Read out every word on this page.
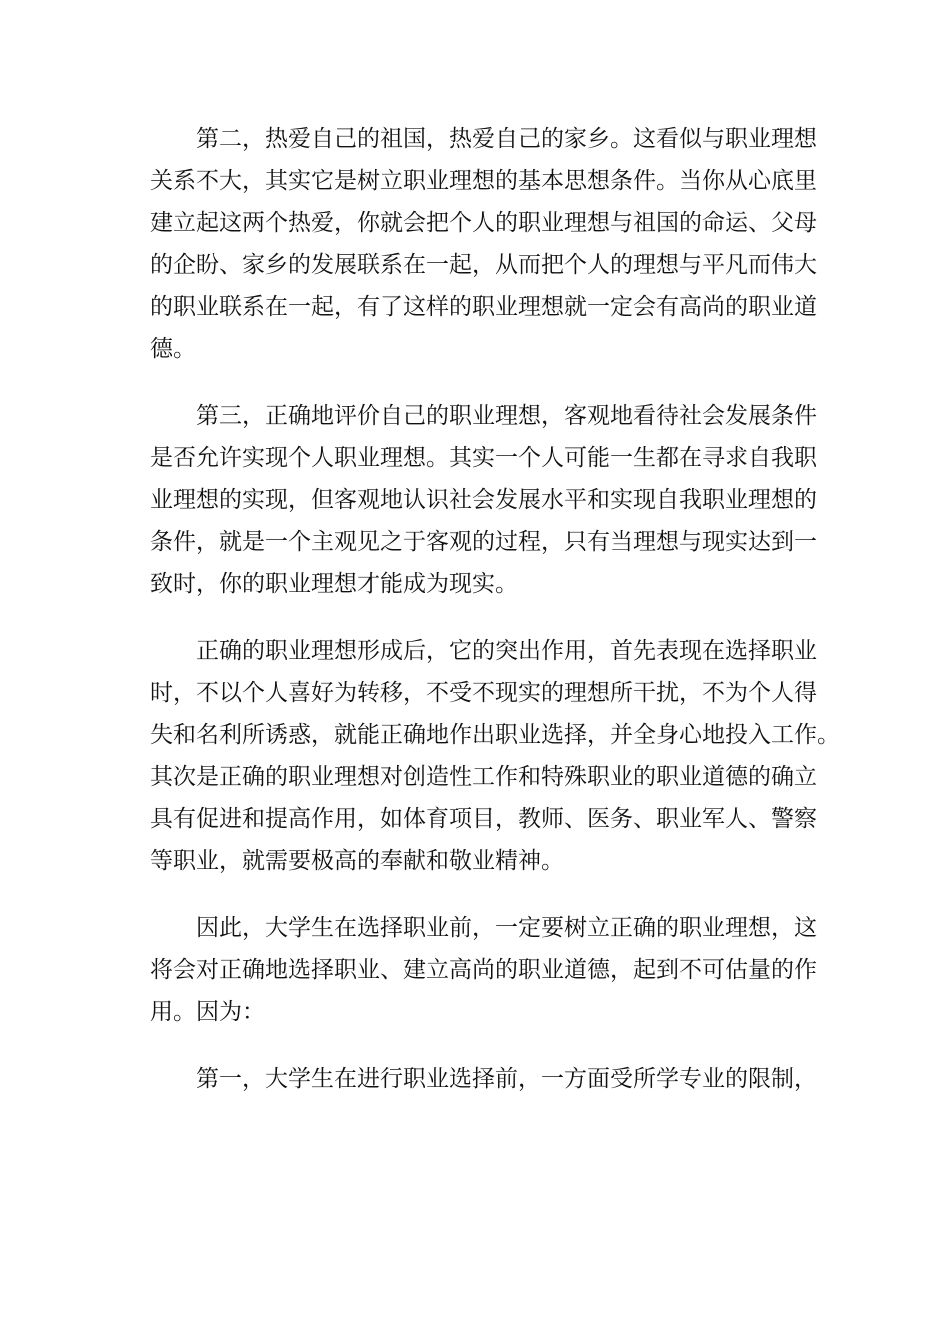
第 二 ， 热 爱 自 己 的 祖 国 ， 热 爱 自 己 的 家 乡 。 这 看 似 与 职 业 理 想
关 系 不 大 ， 其 实 它 是 树 立 职 业 理 想 的 基 本 思 想 条 件 。 当 你 从 心 底 里
建 立 起 这 两 个 热 爱 ， 你 就 会 把 个 人 的 职 业 理 想 与 祖 国 的 命 运 、 父 母
的 企 盼 、 家 乡 的 发 展 联 系 在 一 起 ， 从 而 把 个 人 的 理 想 与 平 凡 而 伟 大
的 职 业 联 系 在 一 起 ， 有 了 这 样 的 职 业 理 想 就 一 定 会 有 高 尚 的 职 业 道
德。
第 三 ， 正 确 地 评 价 自 己 的 职 业 理 想 ， 客 观 地 看 待 社 会 发 展 条 件
是 否 允 许 实 现 个 人 职 业 理 想 。 其 实 一 个 人 可 能 一 生 都 在 寻 求 自 我 职
业 理 想 的 实 现 ， 但 客 观 地 认 识 社 会 发 展 水 平 和 实 现 自 我 职 业 理 想 的
条 件 ， 就 是 一 个 主 观 见 之 于 客 观 的 过 程 ， 只 有 当 理 想 与 现 实 达 到 一
致时，你的职业理想才能成为现实。
正 确 的 职 业 理 想 形 成 后 ， 它 的 突 出 作 用 ， 首 先 表 现 在 选 择 职 业
时 ， 不 以 个 人 喜 好 为 转 移 ， 不 受 不 现 实 的 理 想 所 干 扰 ， 不 为 个 人 得
失 和 名 利 所 诱 惑 ， 就 能 正 确 地 作 出 职 业 选 择 ， 并 全 身 心 地 投 入 工 作 。
其 次 是 正 确 的 职 业 理 想 对 创 造 性 工 作 和 特 殊 职 业 的 职 业 道 德 的 确 立
具 有 促 进 和 提 高 作 用 ， 如 体 育 项 目 ， 教 师 、 医 务 、 职 业 军 人 、 警 察
等职业，就需要极高的奉献和敬业精神。
因 此 ， 大 学 生 在 选 择 职 业 前 ， 一 定 要 树 立 正 确 的 职 业 理 想 ， 这
将 会 对 正 确 地 选 择 职 业 、 建 立 高 尚 的 职 业 道 德 ， 起 到 不 可 估 量 的 作
用。因为：
第 一 ， 大 学 生 在 进 行 职 业 选 择 前 ， 一 方 面 受 所 学 专 业 的 限 制 ，
